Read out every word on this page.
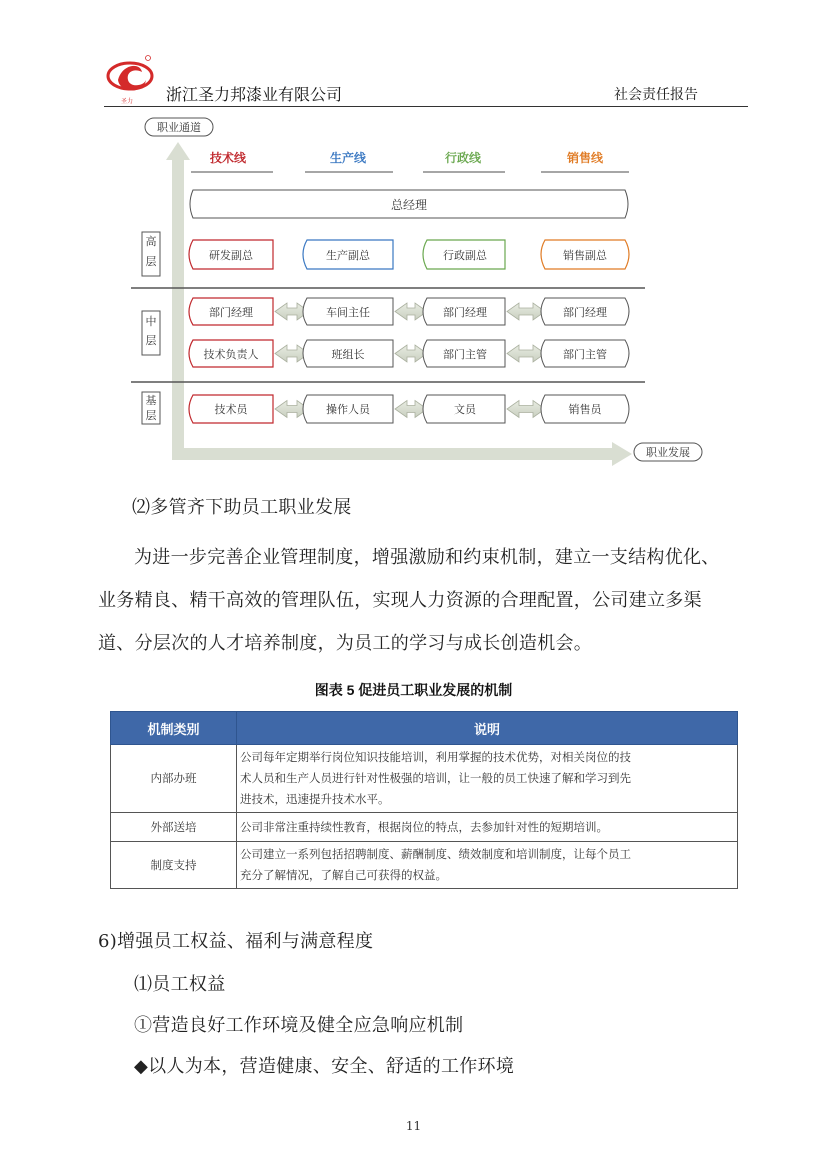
圣力 浙江圣力邦漆业有限公司	社会责任报告
职业通道
职业发展
技术线	生产线	行政线	销售线
总经理
高
层
中
层
基
层
研发副总	生产副总	行政副总	销售副总
部门经理	车间主任	部门经理	部门经理
技术负责人	班组长	部门主管	部门主管
技术员	操作人员	文员	销售员
⑵多管齐下助员工职业发展
为进一步完善企业管理制度，增强激励和约束机制，建立一支结构优化、
业务精良、精干高效的管理队伍，实现人力资源的合理配置，公司建立多渠
道、分层次的人才培养制度，为员工的学习与成长创造机会。
图表 5 促进员工职业发展的机制
机制类别	说明
内部办班	公司每年定期举行岗位知识技能培训，利用掌握的技术优势，对相关岗位的技
术人员和生产人员进行针对性极强的培训，让一般的员工快速了解和学习到先
进技术，迅速提升技术水平。

外部送培	公司非常注重持续性教育，根据岗位的特点，去参加针对性的短期培训。

制度支持	公司建立一系列包括招聘制度、薪酬制度、绩效制度和培训制度，让每个员工
充分了解情况，了解自己可获得的权益。
6)增强员工权益、福利与满意程度
⑴员工权益
①营造良好工作环境及健全应急响应机制
◆以人为本，营造健康、安全、舒适的工作环境
11
